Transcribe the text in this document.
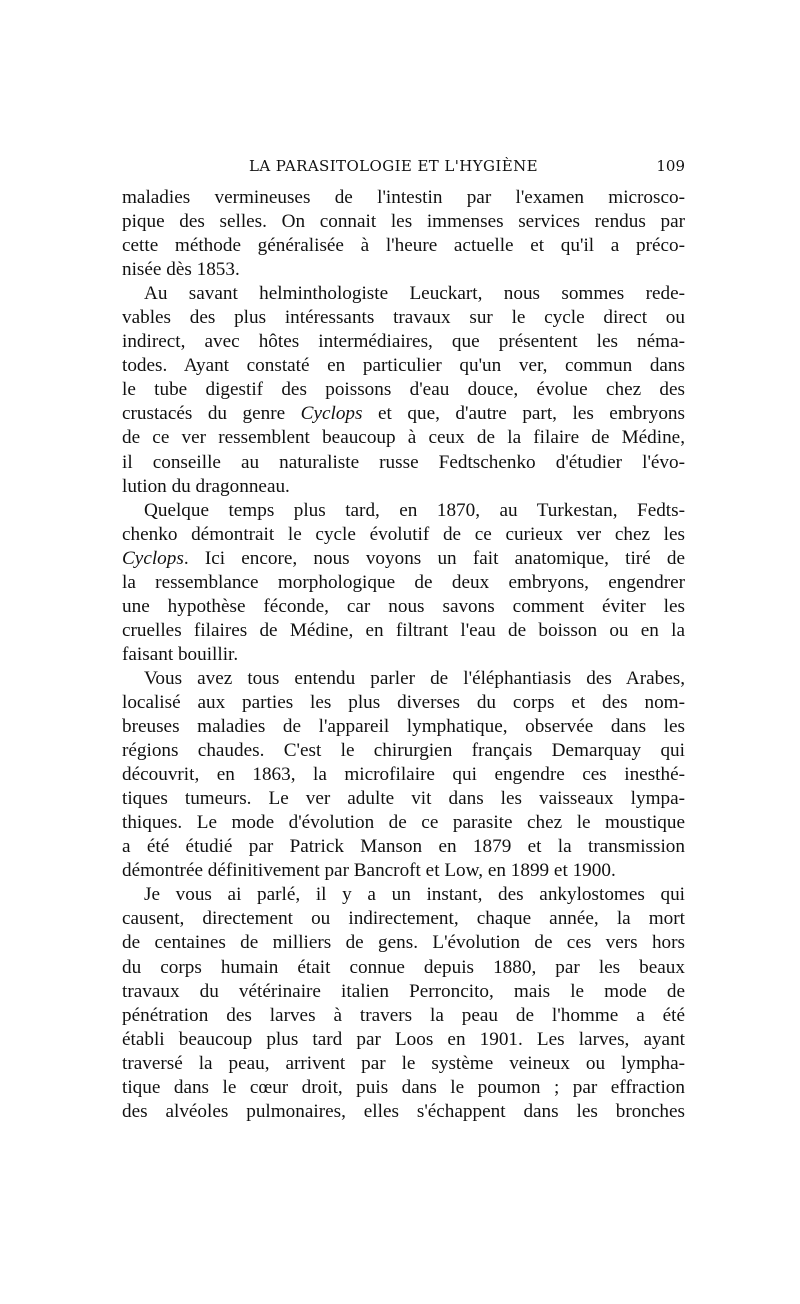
LA PARASITOLOGIE ET L'HYGIÈNE	109
maladies vermineuses de l'intestin par l'examen microsco-
pique des selles. On connait les immenses services rendus par
cette méthode généralisée à l'heure actuelle et qu'il a préco-
nisée dès 1853.
Au savant helminthologiste Leuckart, nous sommes rede-
vables des plus intéressants travaux sur le cycle direct ou
indirect, avec hôtes intermédiaires, que présentent les néma-
todes. Ayant constaté en particulier qu'un ver, commun dans
le tube digestif des poissons d'eau douce, évolue chez des
crustacés du genre Cyclops et que, d'autre part, les embryons
de ce ver ressemblent beaucoup à ceux de la filaire de Médine,
il conseille au naturaliste russe Fedtschenko d'étudier l'évo-
lution du dragonneau.
Quelque temps plus tard, en 1870, au Turkestan, Fedts-
chenko démontrait le cycle évolutif de ce curieux ver chez les
Cyclops. Ici encore, nous voyons un fait anatomique, tiré de
la ressemblance morphologique de deux embryons, engendrer
une hypothèse féconde, car nous savons comment éviter les
cruelles filaires de Médine, en filtrant l'eau de boisson ou en la
faisant bouillir.
Vous avez tous entendu parler de l'éléphantiasis des Arabes,
localisé aux parties les plus diverses du corps et des nom-
breuses maladies de l'appareil lymphatique, observée dans les
régions chaudes. C'est le chirurgien français Demarquay qui
découvrit, en 1863, la microfilaire qui engendre ces inesthé-
tiques tumeurs. Le ver adulte vit dans les vaisseaux lympa-
thiques. Le mode d'évolution de ce parasite chez le moustique
a été étudié par Patrick Manson en 1879 et la transmission
démontrée définitivement par Bancroft et Low, en 1899 et 1900.
Je vous ai parlé, il y a un instant, des ankylostomes qui
causent, directement ou indirectement, chaque année, la mort
de centaines de milliers de gens. L'évolution de ces vers hors
du corps humain était connue depuis 1880, par les beaux
travaux du vétérinaire italien Perroncito, mais le mode de
pénétration des larves à travers la peau de l'homme a été
établi beaucoup plus tard par Loos en 1901. Les larves, ayant
traversé la peau, arrivent par le système veineux ou lympha-
tique dans le cœur droit, puis dans le poumon ; par effraction
des alvéoles pulmonaires, elles s'échappent dans les bronches
